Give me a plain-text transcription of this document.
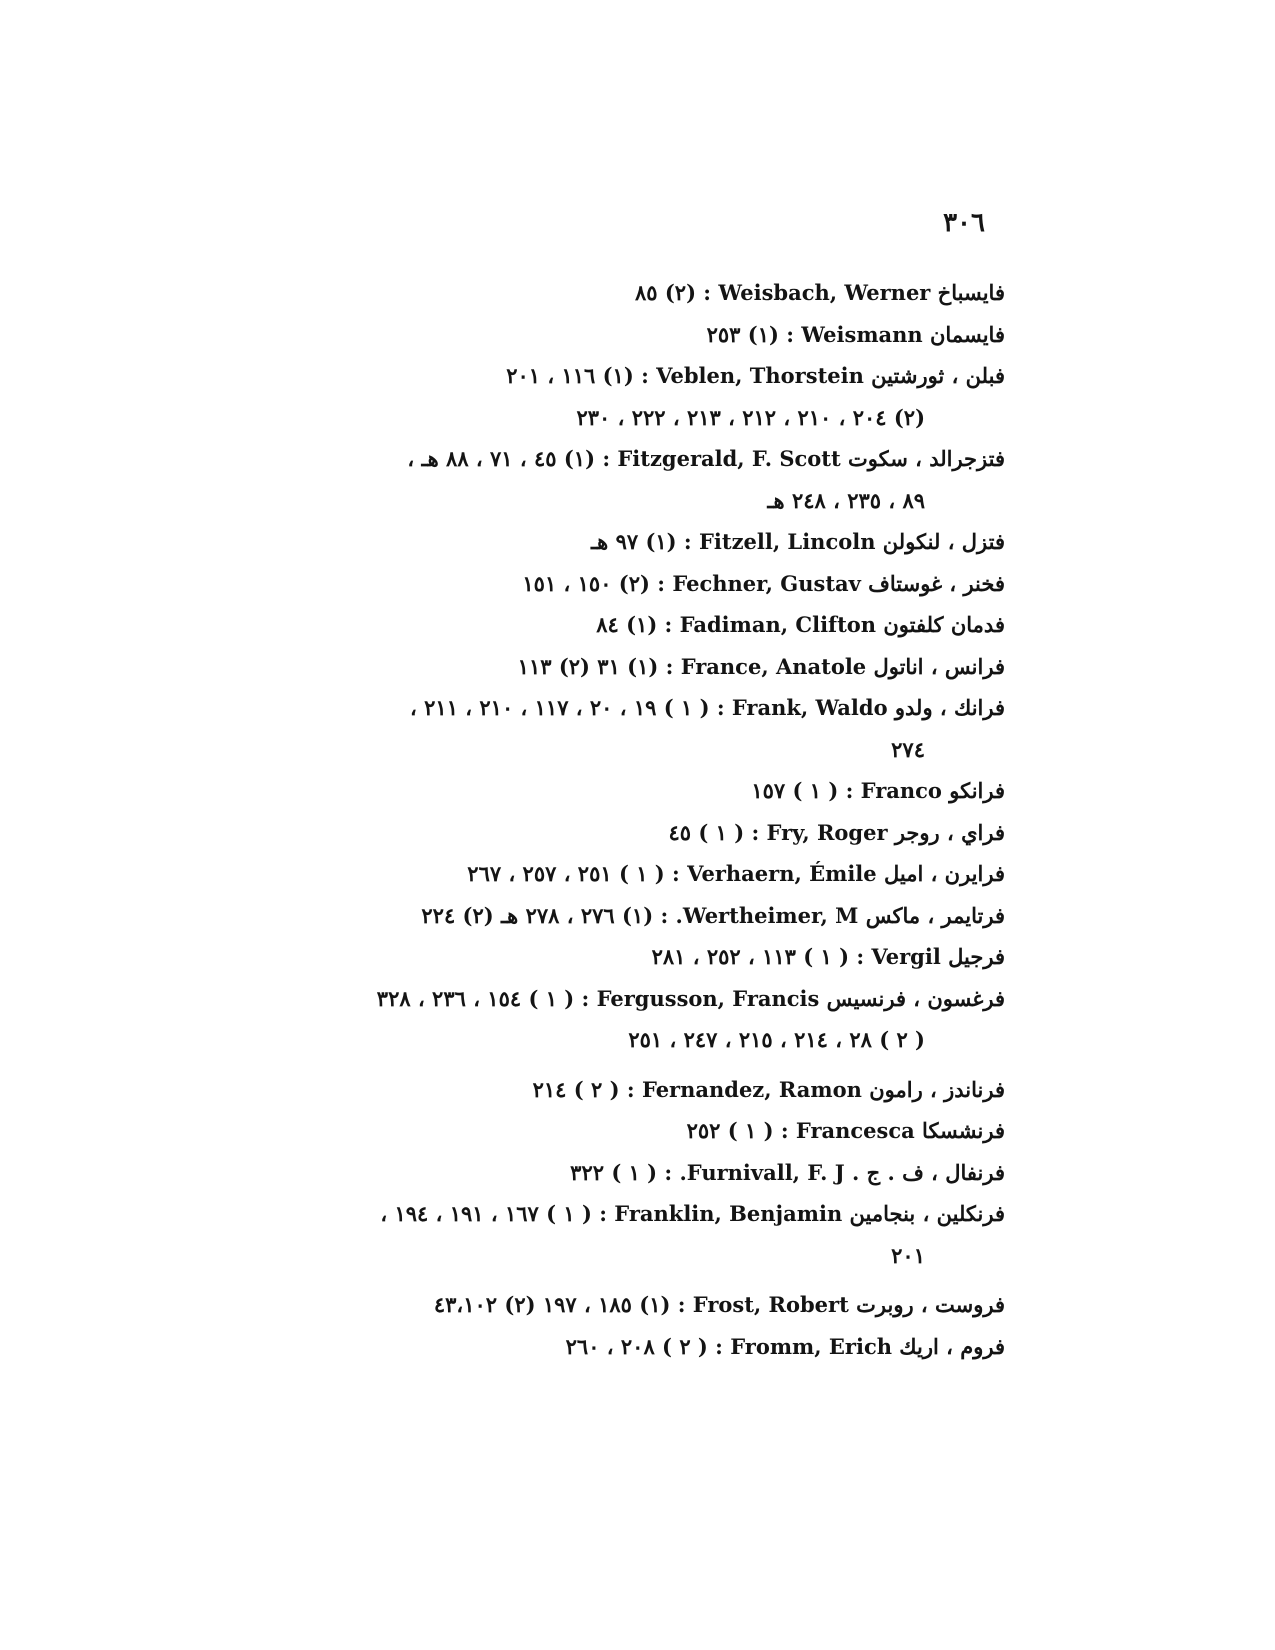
٣٠٦
فايسباخ Weisbach, Werner : (٢) ٨٥
فايسمان Weismann : (١) ٢٥٣
فبلن ، ثورشتين Veblen, Thorstein : (١) ١١٦ ، ٢٠١
(٢) ٢٠٤ ، ٢١٠ ، ٢١٢ ، ٢١٣ ، ٢٢٢ ، ٢٣٠
فتزجرالد ، سكوت Fitzgerald, F. Scott : (١) ٤٥ ، ٧١ ، ٨٨ هـ ،
٨٩ ، ٢٣٥ ، ٢٤٨ هـ
فتزل ، لنكولن Fitzell, Lincoln : (١) ٩٧ هـ
فخنر ، غوستاف Fechner, Gustav : (٢) ١٥٠ ، ١٥١
فدمان كلفتون Fadiman, Clifton : (١) ٨٤
فرانس ، اناتول France, Anatole : (١) ٣١ (٢) ١١٣
فرانك ، ولدو Frank, Waldo : ( ١ ) ١٩ ، ٢٠ ، ١١٧ ، ٢١٠ ، ٢١١ ،
٢٧٤
فرانكو Franco : ( ١ ) ١٥٧
فراي ، روجر Fry, Roger : ( ١ ) ٤٥
فرايرن ، اميل Verhaern, Émile : ( ١ ) ٢٥١ ، ٢٥٧ ، ٢٦٧
فرتايمر ، ماكس Wertheimer, M. : (١) ٢٧٦ ، ٢٧٨ هـ (٢) ٢٢٤
فرجيل Vergil : ( ١ ) ١١٣ ، ٢٥٢ ، ٢٨١
فرغسون ، فرنسيس Fergusson, Francis : ( ١ ) ١٥٤ ، ٢٣٦ ، ٣٢٨
( ٢ ) ٢٨ ، ٢١٤ ، ٢١٥ ، ٢٤٧ ، ٢٥١
فرناندز ، رامون Fernandez, Ramon : ( ٢ ) ٢١٤
فرنشسكا Francesca : ( ١ ) ٢٥٢
فرنفال ، ف . ج . Furnivall, F. J. : ( ١ ) ٣٢٢
فرنكلين ، بنجامين Franklin, Benjamin : ( ١ ) ١٦٧ ، ١٩١ ، ١٩٤ ،
٢٠١
فروست ، روبرت Frost, Robert : (١) ١٨٥ ، ١٩٧ (٢) ٤٣،١٠٢
فروم ، اريك Fromm, Erich : ( ٢ ) ٢٠٨ ، ٢٦٠
